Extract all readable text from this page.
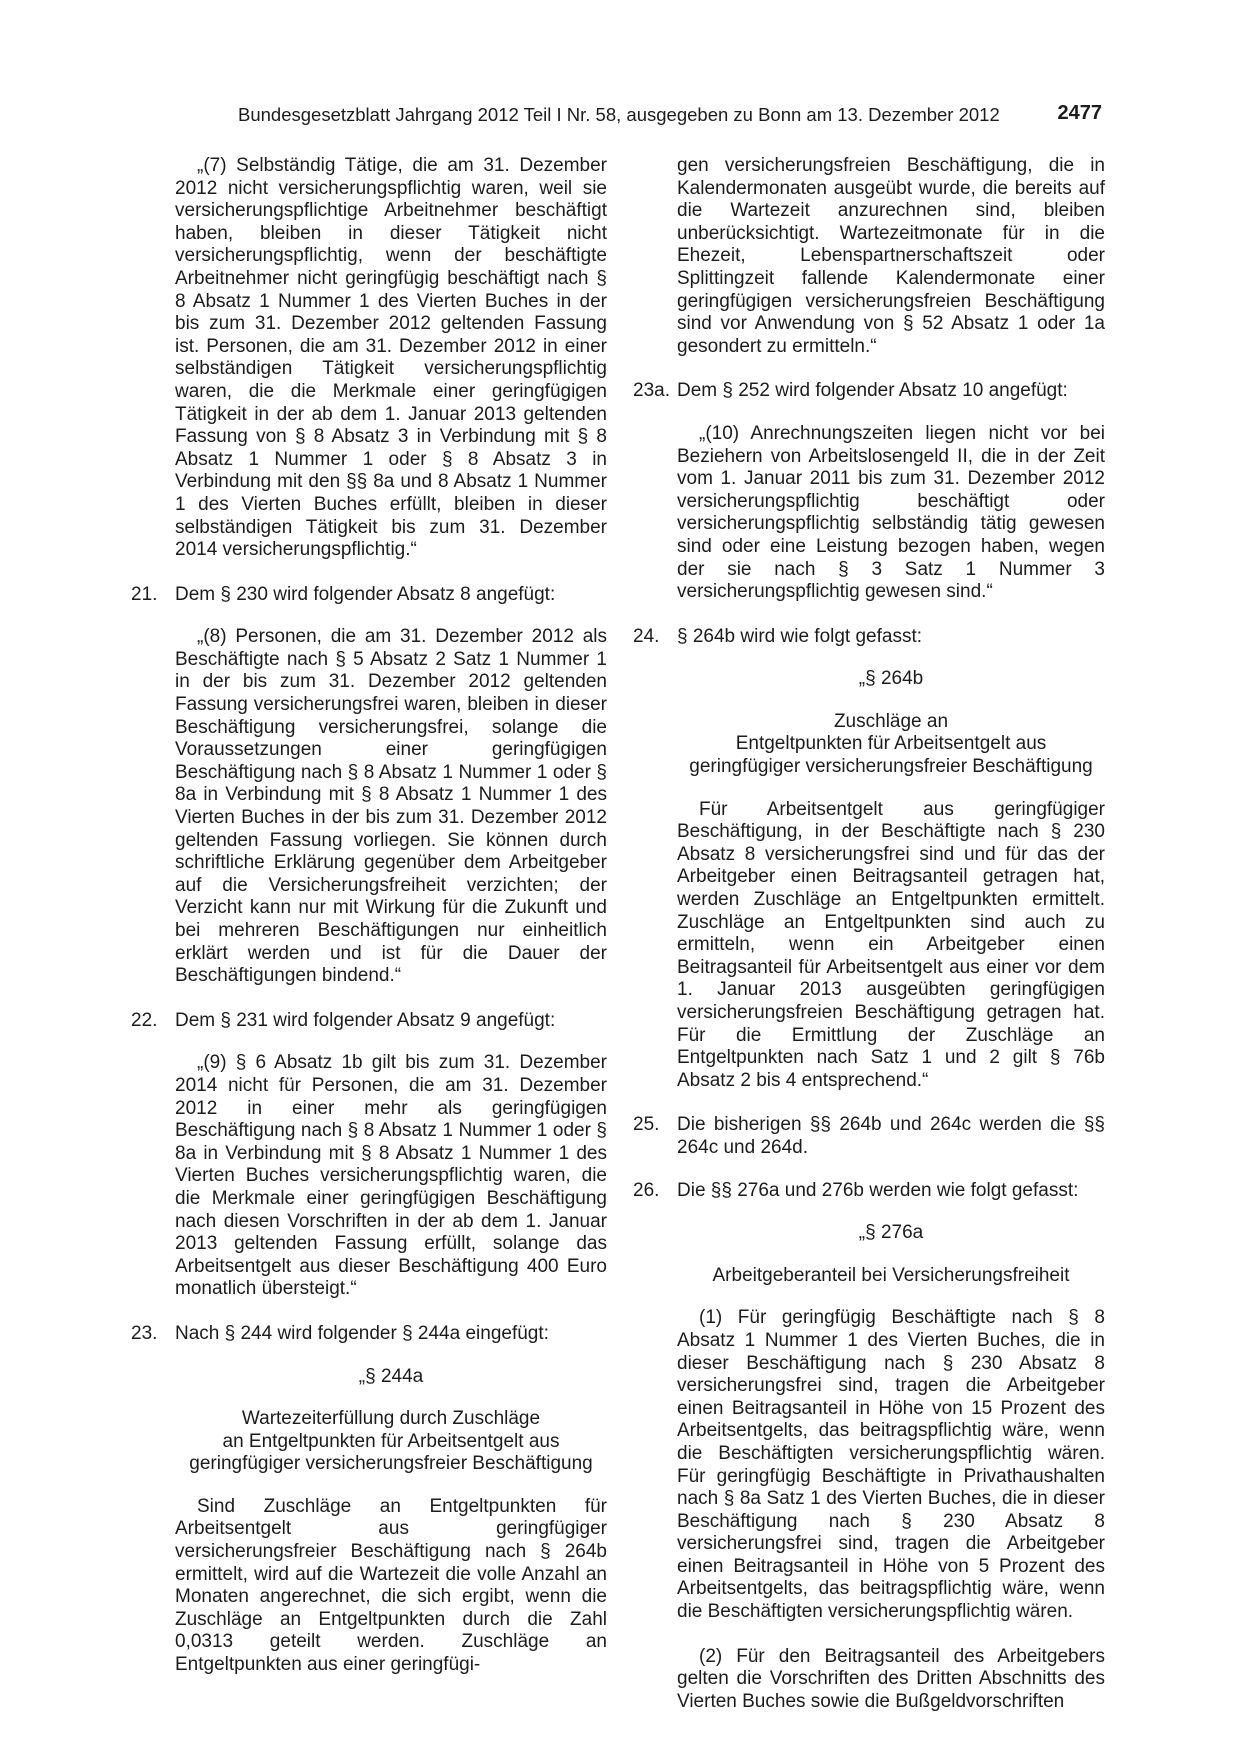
Bundesgesetzblatt Jahrgang 2012 Teil I Nr. 58, ausgegeben zu Bonn am 13. Dezember 2012	2477

„(7) Selbständig Tätige, die am 31. Dezember 2012 nicht versicherungspflichtig waren, weil sie versicherungspflichtige Arbeitnehmer beschäftigt haben, bleiben in dieser Tätigkeit nicht versicherungspflichtig, wenn der beschäftigte Arbeitnehmer nicht geringfügig beschäftigt nach § 8 Absatz 1 Nummer 1 des Vierten Buches in der bis zum 31. Dezember 2012 geltenden Fassung ist. Personen, die am 31. Dezember 2012 in einer selbständigen Tätigkeit versicherungspflichtig waren, die die Merkmale einer geringfügigen Tätigkeit in der ab dem 1. Januar 2013 geltenden Fassung von § 8 Absatz 3 in Verbindung mit § 8 Absatz 1 Nummer 1 oder § 8 Absatz 3 in Verbindung mit den §§ 8a und 8 Absatz 1 Nummer 1 des Vierten Buches erfüllt, bleiben in dieser selbständigen Tätigkeit bis zum 31. Dezember 2014 versicherungspflichtig.“

21. Dem § 230 wird folgender Absatz 8 angefügt:

„(8) Personen, die am 31. Dezember 2012 als Beschäftigte nach § 5 Absatz 2 Satz 1 Nummer 1 in der bis zum 31. Dezember 2012 geltenden Fassung versicherungsfrei waren, bleiben in dieser Beschäftigung versicherungsfrei, solange die Voraussetzungen einer geringfügigen Beschäftigung nach § 8 Absatz 1 Nummer 1 oder § 8a in Verbindung mit § 8 Absatz 1 Nummer 1 des Vierten Buches in der bis zum 31. Dezember 2012 geltenden Fassung vorliegen. Sie können durch schriftliche Erklärung gegenüber dem Arbeitgeber auf die Versicherungsfreiheit verzichten; der Verzicht kann nur mit Wirkung für die Zukunft und bei mehreren Beschäftigungen nur einheitlich erklärt werden und ist für die Dauer der Beschäftigungen bindend.“

22. Dem § 231 wird folgender Absatz 9 angefügt:

„(9) § 6 Absatz 1b gilt bis zum 31. Dezember 2014 nicht für Personen, die am 31. Dezember 2012 in einer mehr als geringfügigen Beschäftigung nach § 8 Absatz 1 Nummer 1 oder § 8a in Verbindung mit § 8 Absatz 1 Nummer 1 des Vierten Buches versicherungspflichtig waren, die die Merkmale einer geringfügigen Beschäftigung nach diesen Vorschriften in der ab dem 1. Januar 2013 geltenden Fassung erfüllt, solange das Arbeitsentgelt aus dieser Beschäftigung 400 Euro monatlich übersteigt.“

23. Nach § 244 wird folgender § 244a eingefügt:
„§ 244a
Wartezeiterfüllung durch Zuschläge
an Entgeltpunkten für Arbeitsentgelt aus
geringfügiger versicherungsfreier Beschäftigung

Sind Zuschläge an Entgeltpunkten für Arbeitsentgelt aus geringfügiger versicherungsfreier Beschäftigung nach § 264b ermittelt, wird auf die Wartezeit die volle Anzahl an Monaten angerechnet, die sich ergibt, wenn die Zuschläge an Entgeltpunkten durch die Zahl 0,0313 geteilt werden. Zuschläge an Entgeltpunkten aus einer geringfügi-

gen versicherungsfreien Beschäftigung, die in Kalendermonaten ausgeübt wurde, die bereits auf die Wartezeit anzurechnen sind, bleiben unberücksichtigt. Wartezeitmonate für in die Ehezeit, Lebenspartnerschaftszeit oder Splittingzeit fallende Kalendermonate einer geringfügigen versicherungsfreien Beschäftigung sind vor Anwendung von § 52 Absatz 1 oder 1a gesondert zu ermitteln.“

23a. Dem § 252 wird folgender Absatz 10 angefügt:

„(10) Anrechnungszeiten liegen nicht vor bei Beziehern von Arbeitslosengeld II, die in der Zeit vom 1. Januar 2011 bis zum 31. Dezember 2012 versicherungspflichtig beschäftigt oder versicherungspflichtig selbständig tätig gewesen sind oder eine Leistung bezogen haben, wegen der sie nach § 3 Satz 1 Nummer 3 versicherungspflichtig gewesen sind.“

24. § 264b wird wie folgt gefasst:
„§ 264b
Zuschläge an
Entgeltpunkten für Arbeitsentgelt aus
geringfügiger versicherungsfreier Beschäftigung

Für Arbeitsentgelt aus geringfügiger Beschäftigung, in der Beschäftigte nach § 230 Absatz 8 versicherungsfrei sind und für das der Arbeitgeber einen Beitragsanteil getragen hat, werden Zuschläge an Entgeltpunkten ermittelt. Zuschläge an Entgeltpunkten sind auch zu ermitteln, wenn ein Arbeitgeber einen Beitragsanteil für Arbeitsentgelt aus einer vor dem 1. Januar 2013 ausgeübten geringfügigen versicherungsfreien Beschäftigung getragen hat. Für die Ermittlung der Zuschläge an Entgeltpunkten nach Satz 1 und 2 gilt § 76b Absatz 2 bis 4 entsprechend.“

25. Die bisherigen §§ 264b und 264c werden die §§ 264c und 264d.
26. Die §§ 276a und 276b werden wie folgt gefasst:
„§ 276a
Arbeitgeberanteil bei Versicherungsfreiheit

(1) Für geringfügig Beschäftigte nach § 8 Absatz 1 Nummer 1 des Vierten Buches, die in dieser Beschäftigung nach § 230 Absatz 8 versicherungsfrei sind, tragen die Arbeitgeber einen Beitragsanteil in Höhe von 15 Prozent des Arbeitsentgelts, das beitragspflichtig wäre, wenn die Beschäftigten versicherungspflichtig wären. Für geringfügig Beschäftigte in Privathaushalten nach § 8a Satz 1 des Vierten Buches, die in dieser Beschäftigung nach § 230 Absatz 8 versicherungsfrei sind, tragen die Arbeitgeber einen Beitragsanteil in Höhe von 5 Prozent des Arbeitsentgelts, das beitragspflichtig wäre, wenn die Beschäftigten versicherungspflichtig wären.

(2) Für den Beitragsanteil des Arbeitgebers gelten die Vorschriften des Dritten Abschnitts des Vierten Buches sowie die Bußgeldvorschriften
